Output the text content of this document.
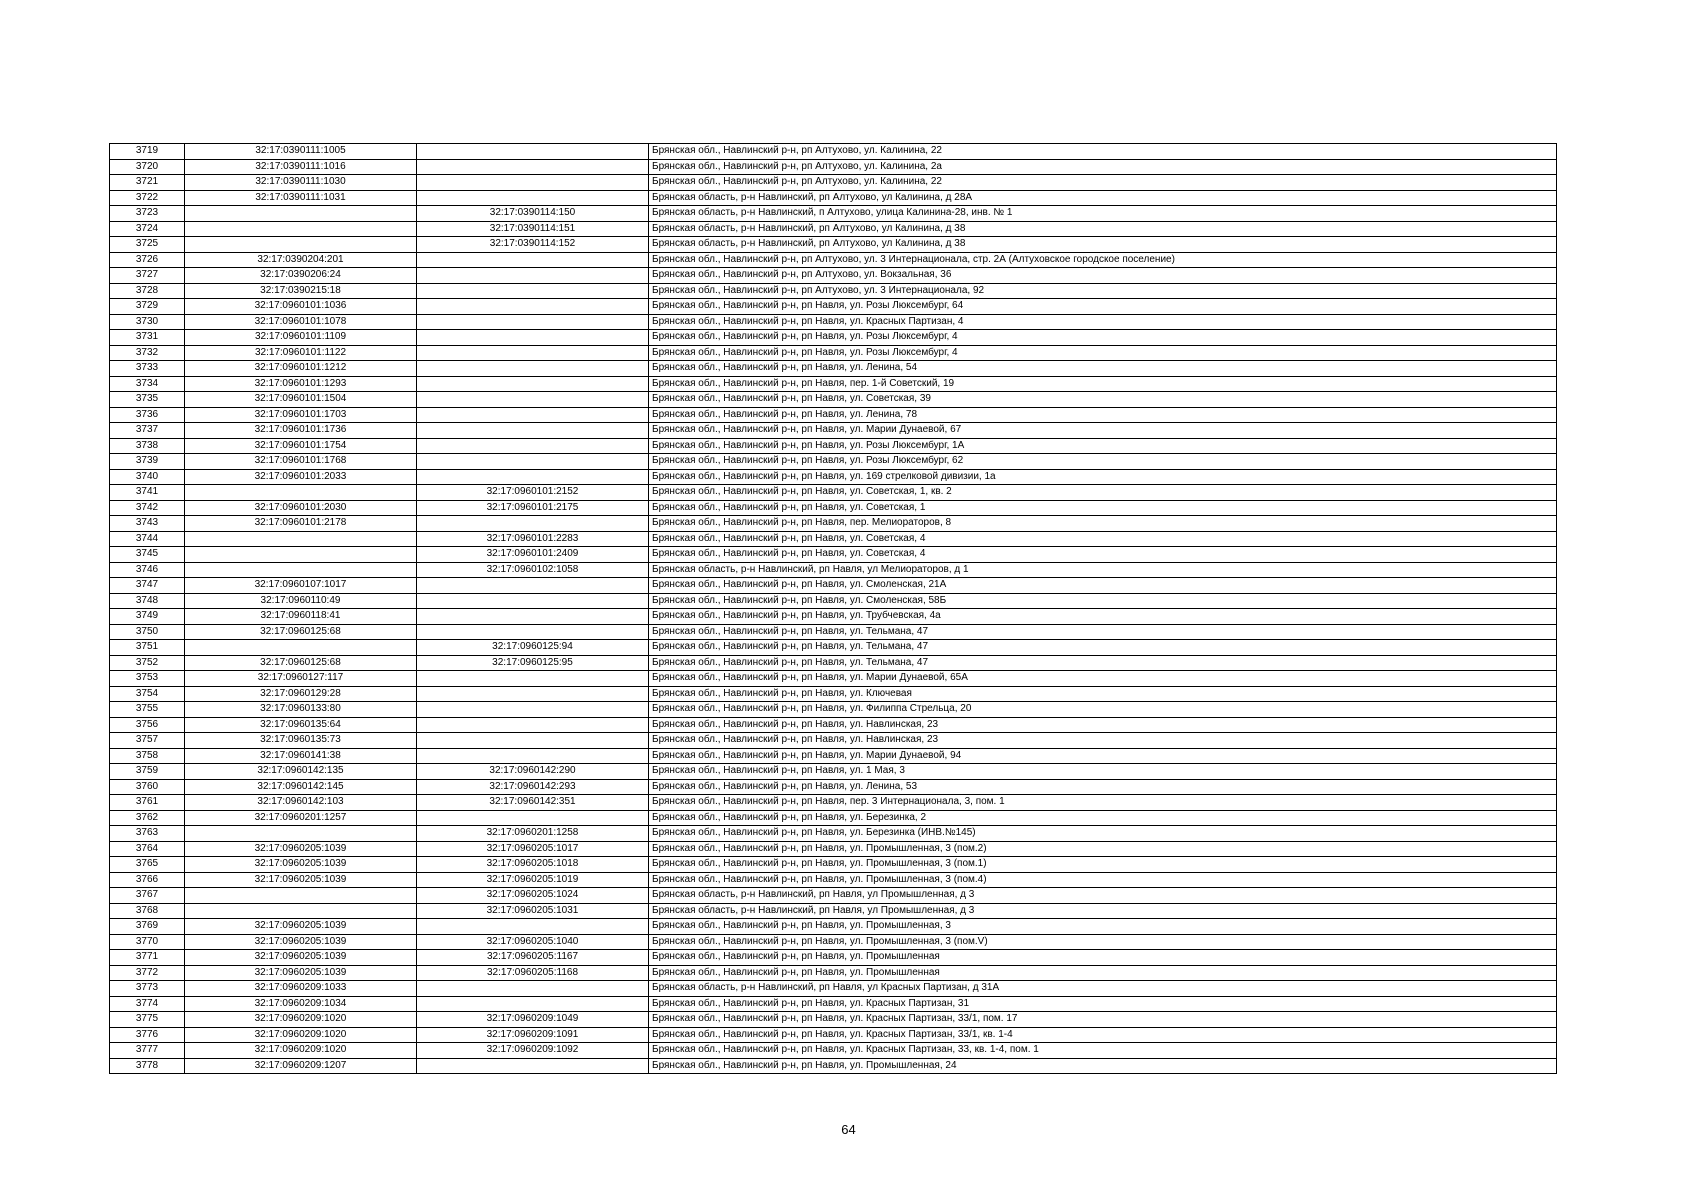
3719	32:17:0390111:1005		Брянская обл., Навлинский р-н, рп Алтухово, ул. Калинина, 22
3720	32:17:0390111:1016		Брянская обл., Навлинский р-н, рп Алтухово, ул. Калинина, 2а
3721	32:17:0390111:1030		Брянская обл., Навлинский р-н, рп Алтухово, ул. Калинина, 22
3722	32:17:0390111:1031		Брянская область, р-н Навлинский, рп Алтухово, ул Калинина, д 28А
3723		32:17:0390114:150	Брянская область, р-н Навлинский, п Алтухово, улица Калинина-28, инв. № 1
3724		32:17:0390114:151	Брянская область, р-н Навлинский, рп Алтухово, ул Калинина, д 38
3725		32:17:0390114:152	Брянская область, р-н Навлинский, рп Алтухово, ул Калинина, д 38
3726	32:17:0390204:201		Брянская обл., Навлинский р-н, рп Алтухово, ул. 3 Интернационала, стр. 2А (Алтуховское городское поселение)
3727	32:17:0390206:24		Брянская обл., Навлинский р-н, рп Алтухово, ул. Вокзальная, 36
3728	32:17:0390215:18		Брянская обл., Навлинский р-н, рп Алтухово, ул. 3 Интернационала, 92
3729	32:17:0960101:1036		Брянская обл., Навлинский р-н, рп Навля, ул. Розы Люксембург, 64
3730	32:17:0960101:1078		Брянская обл., Навлинский р-н, рп Навля, ул. Красных Партизан, 4
3731	32:17:0960101:1109		Брянская обл., Навлинский р-н, рп Навля, ул. Розы Люксембург, 4
3732	32:17:0960101:1122		Брянская обл., Навлинский р-н, рп Навля, ул. Розы Люксембург, 4
3733	32:17:0960101:1212		Брянская обл., Навлинский р-н, рп Навля, ул. Ленина, 54
3734	32:17:0960101:1293		Брянская обл., Навлинский р-н, рп Навля, пер. 1-й Советский, 19
3735	32:17:0960101:1504		Брянская обл., Навлинский р-н, рп Навля, ул. Советская, 39
3736	32:17:0960101:1703		Брянская обл., Навлинский р-н, рп Навля, ул. Ленина, 78
3737	32:17:0960101:1736		Брянская обл., Навлинский р-н, рп Навля, ул. Марии Дунаевой, 67
3738	32:17:0960101:1754		Брянская обл., Навлинский р-н, рп Навля, ул. Розы Люксембург, 1А
3739	32:17:0960101:1768		Брянская обл., Навлинский р-н, рп Навля, ул. Розы Люксембург, 62
3740	32:17:0960101:2033		Брянская обл., Навлинский р-н, рп Навля, ул. 169 стрелковой дивизии, 1а
3741		32:17:0960101:2152	Брянская обл., Навлинский р-н, рп Навля, ул. Советская, 1, кв. 2
3742	32:17:0960101:2030	32:17:0960101:2175	Брянская обл., Навлинский р-н, рп Навля, ул. Советская, 1
3743	32:17:0960101:2178		Брянская обл., Навлинский р-н, рп Навля, пер. Мелиораторов, 8
3744		32:17:0960101:2283	Брянская обл., Навлинский р-н, рп Навля, ул. Советская, 4
3745		32:17:0960101:2409	Брянская обл., Навлинский р-н, рп Навля, ул. Советская, 4
3746		32:17:0960102:1058	Брянская область, р-н Навлинский, рп Навля, ул Мелиораторов, д 1
3747	32:17:0960107:1017		Брянская обл., Навлинский р-н, рп Навля, ул. Смоленская, 21А
3748	32:17:0960110:49		Брянская обл., Навлинский р-н, рп Навля, ул. Смоленская, 58Б
3749	32:17:0960118:41		Брянская обл., Навлинский р-н, рп Навля, ул. Трубчевская, 4а
3750	32:17:0960125:68		Брянская обл., Навлинский р-н, рп Навля, ул. Тельмана, 47
3751		32:17:0960125:94	Брянская обл., Навлинский р-н, рп Навля, ул. Тельмана, 47
3752	32:17:0960125:68	32:17:0960125:95	Брянская обл., Навлинский р-н, рп Навля, ул. Тельмана, 47
3753	32:17:0960127:117		Брянская обл., Навлинский р-н, рп Навля, ул. Марии Дунаевой, 65А
3754	32:17:0960129:28		Брянская обл., Навлинский р-н, рп Навля, ул. Ключевая
3755	32:17:0960133:80		Брянская обл., Навлинский р-н, рп Навля, ул. Филиппа Стрельца, 20
3756	32:17:0960135:64		Брянская обл., Навлинский р-н, рп Навля, ул. Навлинская, 23
3757	32:17:0960135:73		Брянская обл., Навлинский р-н, рп Навля, ул. Навлинская, 23
3758	32:17:0960141:38		Брянская обл., Навлинский р-н, рп Навля, ул. Марии Дунаевой, 94
3759	32:17:0960142:135	32:17:0960142:290	Брянская обл., Навлинский р-н, рп Навля, ул. 1 Мая, 3
3760	32:17:0960142:145	32:17:0960142:293	Брянская обл., Навлинский р-н, рп Навля, ул. Ленина, 53
3761	32:17:0960142:103	32:17:0960142:351	Брянская обл., Навлинский р-н, рп Навля, пер. 3 Интернационала, 3, пом. 1
3762	32:17:0960201:1257		Брянская обл., Навлинский р-н, рп Навля, ул. Березинка, 2
3763		32:17:0960201:1258	Брянская обл., Навлинский р-н, рп Навля, ул. Березинка (ИНВ.№145)
3764	32:17:0960205:1039	32:17:0960205:1017	Брянская обл., Навлинский р-н, рп Навля, ул. Промышленная, 3 (пом.2)
3765	32:17:0960205:1039	32:17:0960205:1018	Брянская обл., Навлинский р-н, рп Навля, ул. Промышленная, 3 (пом.1)
3766	32:17:0960205:1039	32:17:0960205:1019	Брянская обл., Навлинский р-н, рп Навля, ул. Промышленная, 3 (пом.4)
3767		32:17:0960205:1024	Брянская область, р-н Навлинский, рп Навля, ул Промышленная, д 3
3768		32:17:0960205:1031	Брянская область, р-н Навлинский, рп Навля, ул Промышленная, д 3
3769	32:17:0960205:1039		Брянская обл., Навлинский р-н, рп Навля, ул. Промышленная, 3
3770	32:17:0960205:1039	32:17:0960205:1040	Брянская обл., Навлинский р-н, рп Навля, ул. Промышленная, 3 (пом.V)
3771	32:17:0960205:1039	32:17:0960205:1167	Брянская обл., Навлинский р-н, рп Навля, ул. Промышленная
3772	32:17:0960205:1039	32:17:0960205:1168	Брянская обл., Навлинский р-н, рп Навля, ул. Промышленная
3773	32:17:0960209:1033		Брянская область, р-н Навлинский, рп Навля, ул Красных Партизан, д 31А
3774	32:17:0960209:1034		Брянская обл., Навлинский р-н, рп Навля, ул. Красных Партизан, 31
3775	32:17:0960209:1020	32:17:0960209:1049	Брянская обл., Навлинский р-н, рп Навля, ул. Красных Партизан, 33/1, пом. 17
3776	32:17:0960209:1020	32:17:0960209:1091	Брянская обл., Навлинский р-н, рп Навля, ул. Красных Партизан, 33/1, кв. 1-4
3777	32:17:0960209:1020	32:17:0960209:1092	Брянская обл., Навлинский р-н, рп Навля, ул. Красных Партизан, 33, кв. 1-4, пом. 1
3778	32:17:0960209:1207		Брянская обл., Навлинский р-н, рп Навля, ул. Промышленная, 24
64
